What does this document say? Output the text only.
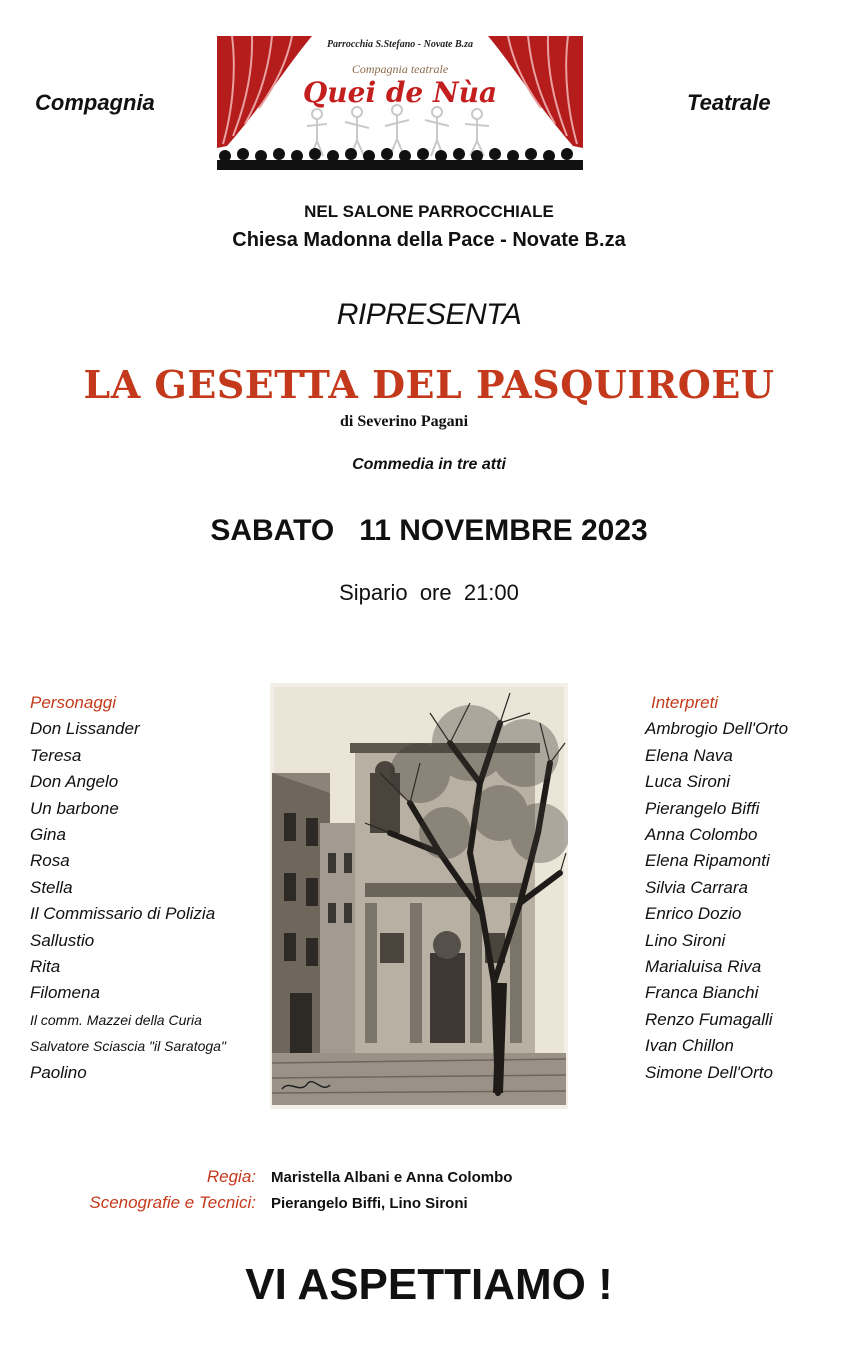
Compagnia	Teatrale
Parrocchia S.Stefano - Novate B.za
Compagnia teatrale
Quei de Nùa
NEL SALONE PARROCCHIALE
Chiesa Madonna della Pace - Novate B.za
RIPRESENTA
LA GESETTA DEL PASQUIROEU
di Severino Pagani
Commedia in tre atti
SABATO   11 NOVEMBRE 2023
Sipario  ore  21:00
Personaggi
Don Lissander
Teresa
Don Angelo
Un barbone
Gina
Rosa
Stella
Il Commissario di Polizia
Sallustio
Rita
Filomena
Il comm. Mazzei della Curia
Salvatore Sciascia "il Saratoga"
Paolino
Interpreti
Ambrogio Dell'Orto
Elena Nava
Luca Sironi
Pierangelo Biffi
Anna Colombo
Elena Ripamonti
Silvia Carrara
Enrico Dozio
Lino Sironi
Marialuisa Riva
Franca Bianchi
Renzo Fumagalli
Ivan Chillon
Simone Dell'Orto
Regia: Maristella Albani e Anna Colombo
Scenografie e Tecnici: Pierangelo Biffi, Lino Sironi
VI ASPETTIAMO !
